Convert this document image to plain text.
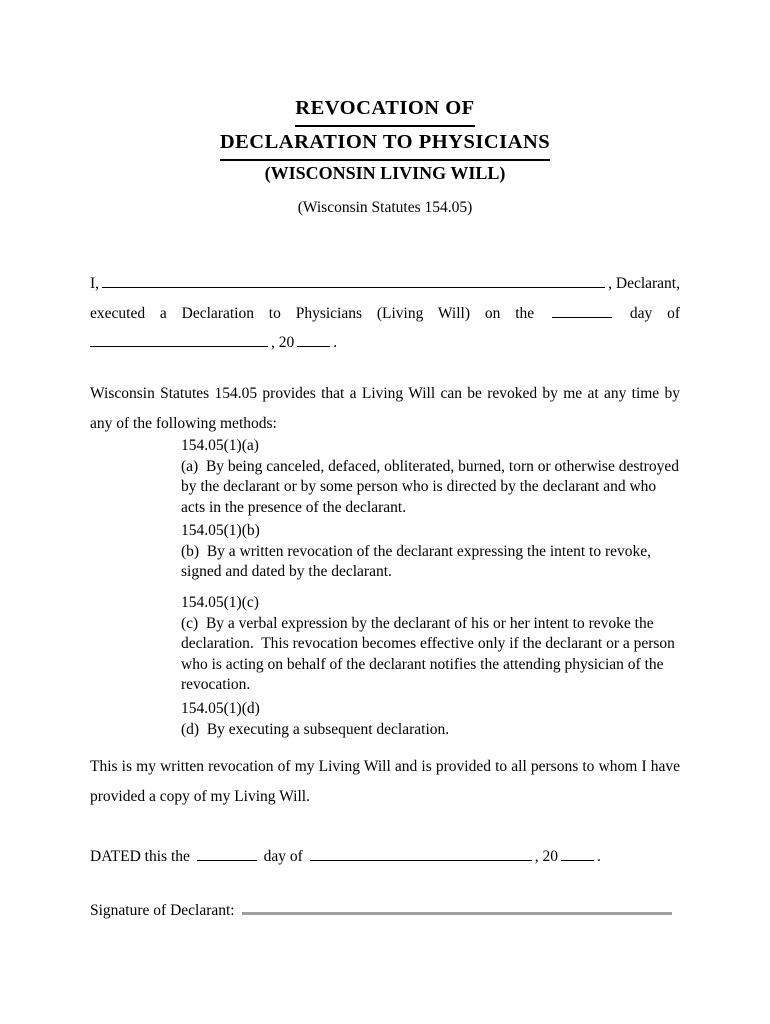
REVOCATION OF
DECLARATION TO PHYSICIANS
(WISCONSIN LIVING WILL)
(Wisconsin Statutes 154.05)
I,	, Declarant,
executed a Declaration to Physicians (Living Will) on the	day of
, 20	.
Wisconsin Statutes 154.05 provides that a Living Will can be revoked by me at any time by any of the following methods:
154.05(1)(a)
(a)  By being canceled, defaced, obliterated, burned, torn or otherwise destroyed by the declarant or by some person who is directed by the declarant and who acts in the presence of the declarant.
154.05(1)(b)
(b)  By a written revocation of the declarant expressing the intent to revoke, signed and dated by the declarant.
154.05(1)(c)
(c)  By a verbal expression by the declarant of his or her intent to revoke the declaration.  This revocation becomes effective only if the declarant or a person who is acting on behalf of the declarant notifies the attending physician of the revocation.
154.05(1)(d)
(d)  By executing a subsequent declaration.
This is my written revocation of my Living Will and is provided to all persons to whom I have provided a copy of my Living Will.
DATED this the	day of	, 20	.
Signature of Declarant:
